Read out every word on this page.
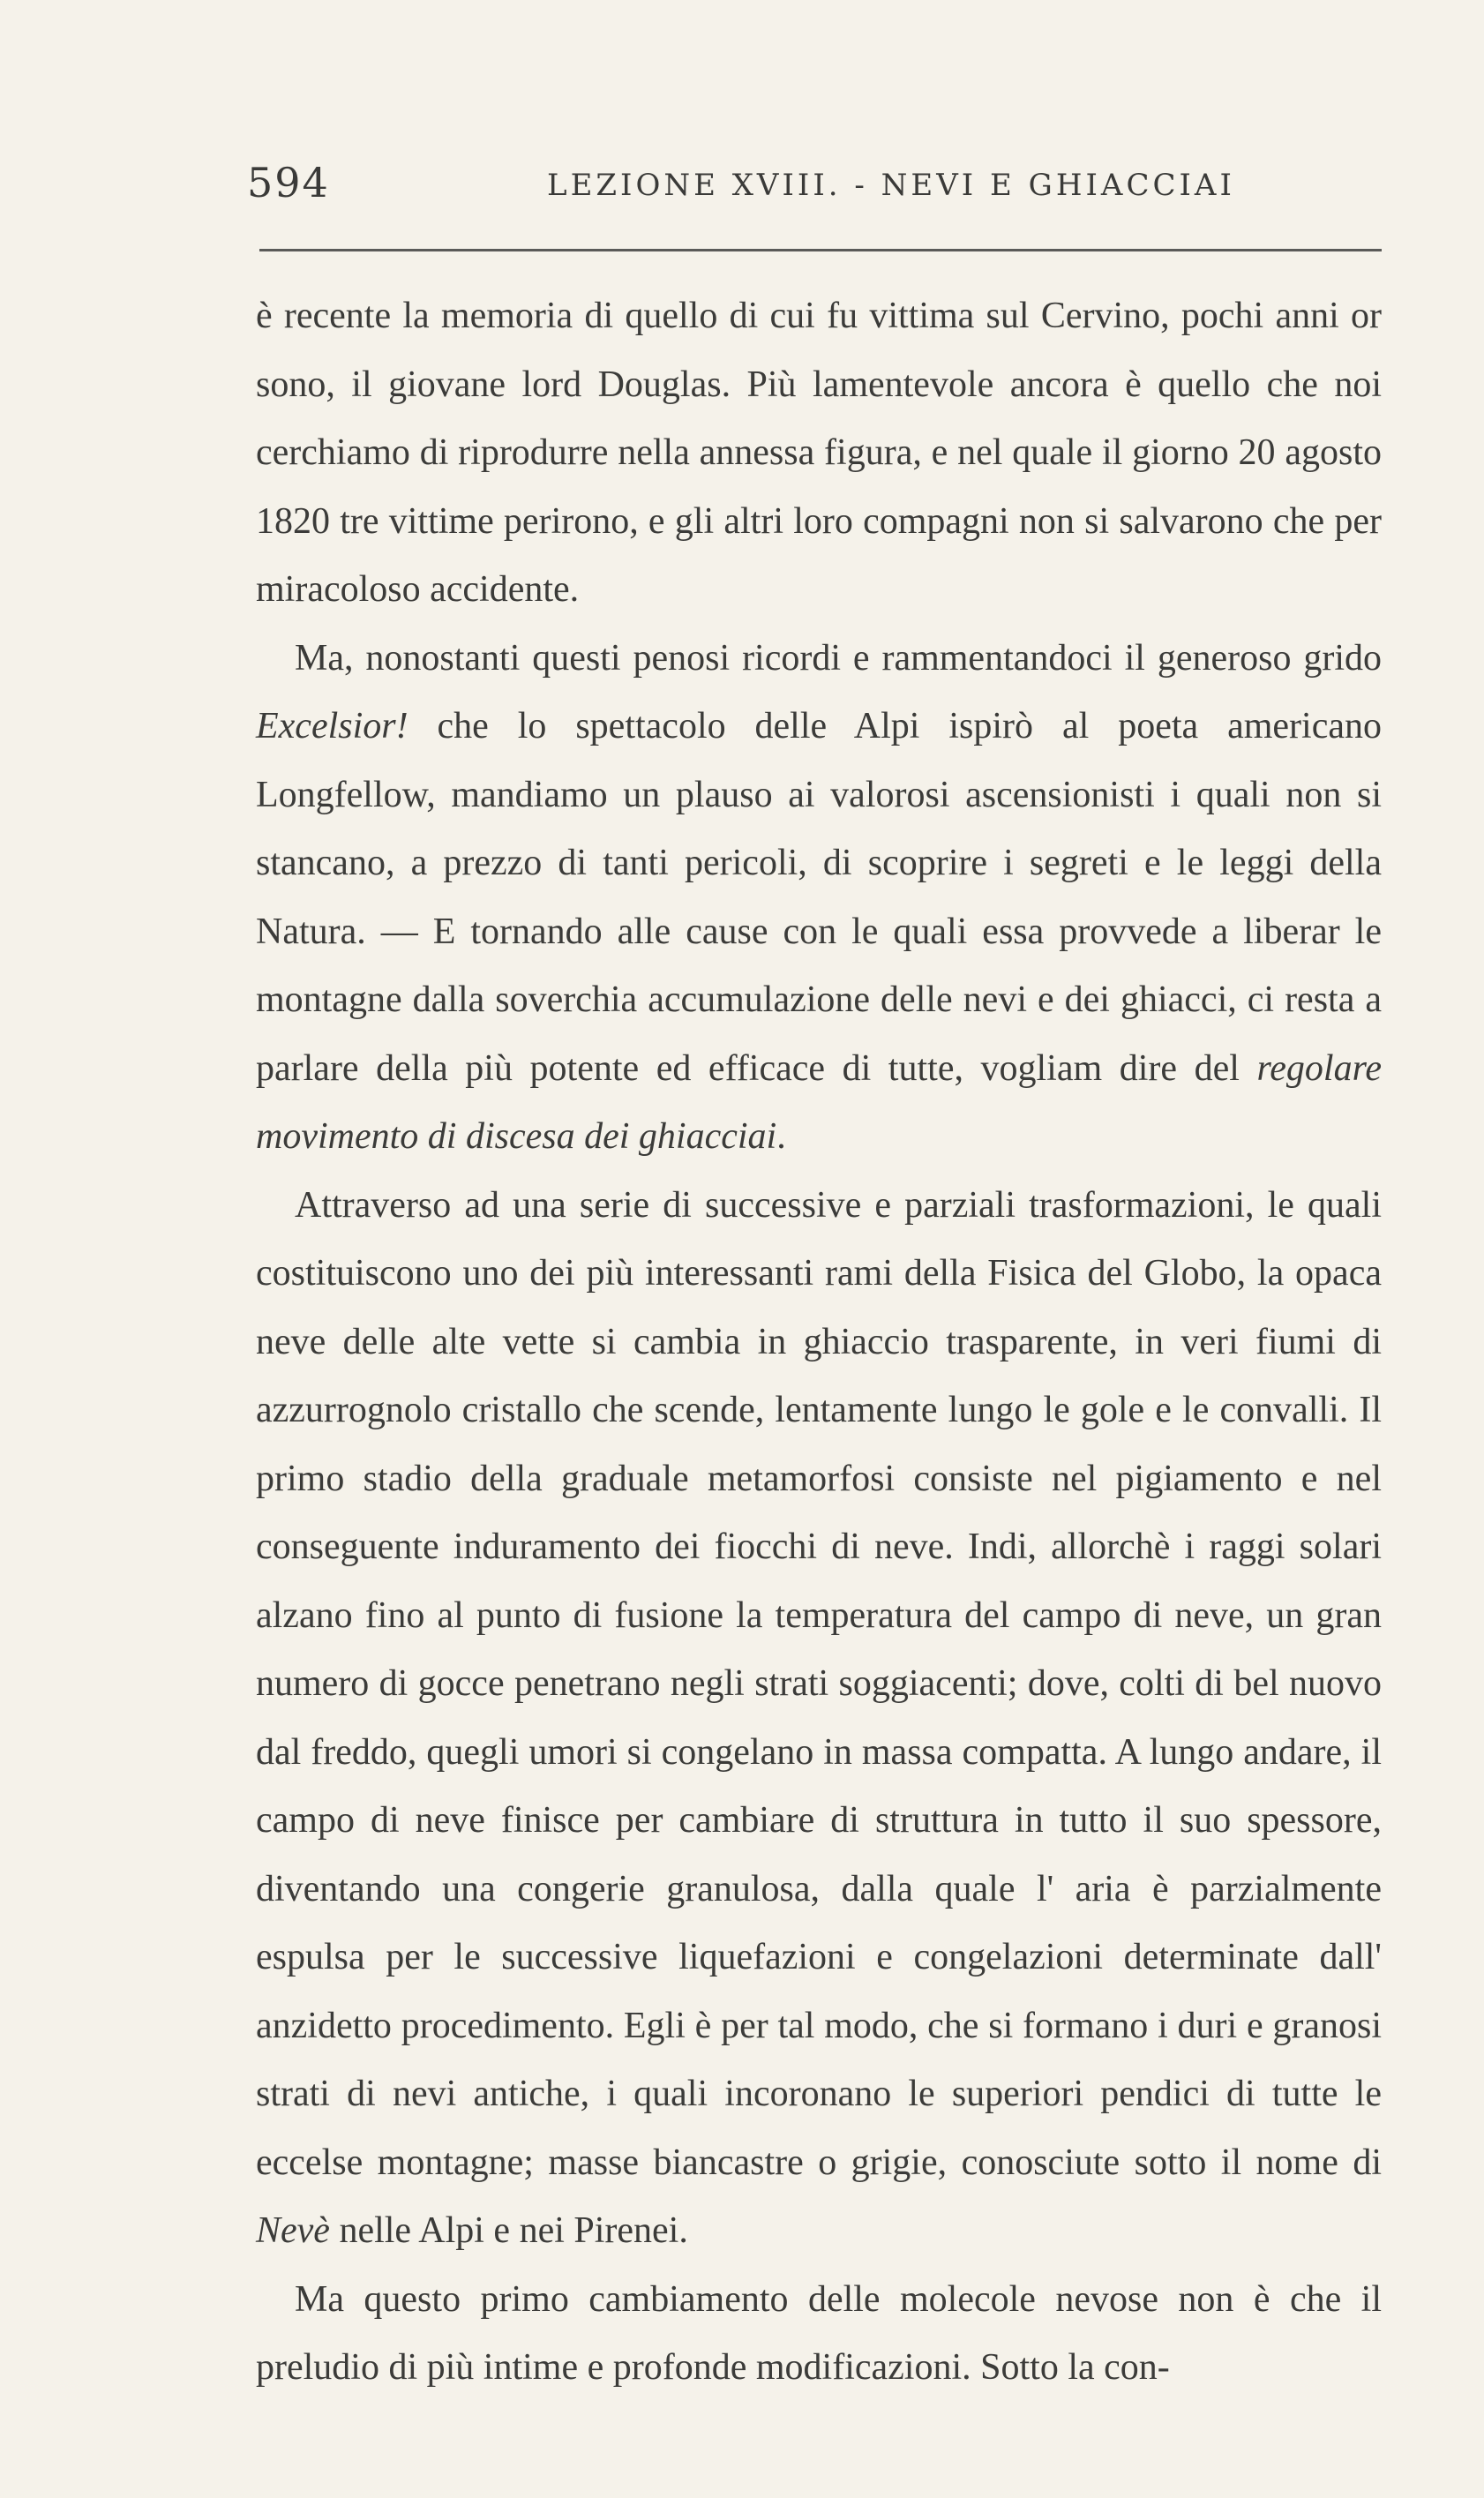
594	LEZIONE XVIII. - NEVI E GHIACCIAI

è recente la memoria di quello di cui fu vittima sul Cervino, pochi anni or sono, il giovane lord Douglas. Più lamentevole ancora è quello che noi cerchiamo di riprodurre nella annessa figura, e nel quale il giorno 20 agosto 1820 tre vittime perirono, e gli altri loro compagni non si salvarono che per miracoloso accidente.

Ma, nonostanti questi penosi ricordi e rammentandoci il generoso grido Excelsior! che lo spettacolo delle Alpi ispirò al poeta americano Longfellow, mandiamo un plauso ai valorosi ascensionisti i quali non si stancano, a prezzo di tanti pericoli, di scoprire i segreti e le leggi della Natura. — E tornando alle cause con le quali essa provvede a liberar le montagne dalla soverchia accumulazione delle nevi e dei ghiacci, ci resta a parlare della più potente ed efficace di tutte, vogliam dire del regolare movimento di discesa dei ghiacciai.

Attraverso ad una serie di successive e parziali trasformazioni, le quali costituiscono uno dei più interessanti rami della Fisica del Globo, la opaca neve delle alte vette si cambia in ghiaccio trasparente, in veri fiumi di azzurrognolo cristallo che scende, lentamente lungo le gole e le convalli. Il primo stadio della graduale metamorfosi consiste nel pigiamento e nel conseguente induramento dei fiocchi di neve. Indi, allorchè i raggi solari alzano fino al punto di fusione la temperatura del campo di neve, un gran numero di gocce penetrano negli strati soggiacenti; dove, colti di bel nuovo dal freddo, quegli umori si congelano in massa compatta. A lungo andare, il campo di neve finisce per cambiare di struttura in tutto il suo spessore, diventando una congerie granulosa, dalla quale l' aria è parzialmente espulsa per le successive liquefazioni e congelazioni determinate dall' anzidetto procedimento. Egli è per tal modo, che si formano i duri e granosi strati di nevi antiche, i quali incoronano le superiori pendici di tutte le eccelse montagne; masse biancastre o grigie, conosciute sotto il nome di Nevè nelle Alpi e nei Pirenei.

Ma questo primo cambiamento delle molecole nevose non è che il preludio di più intime e profonde modificazioni. Sotto la con-
